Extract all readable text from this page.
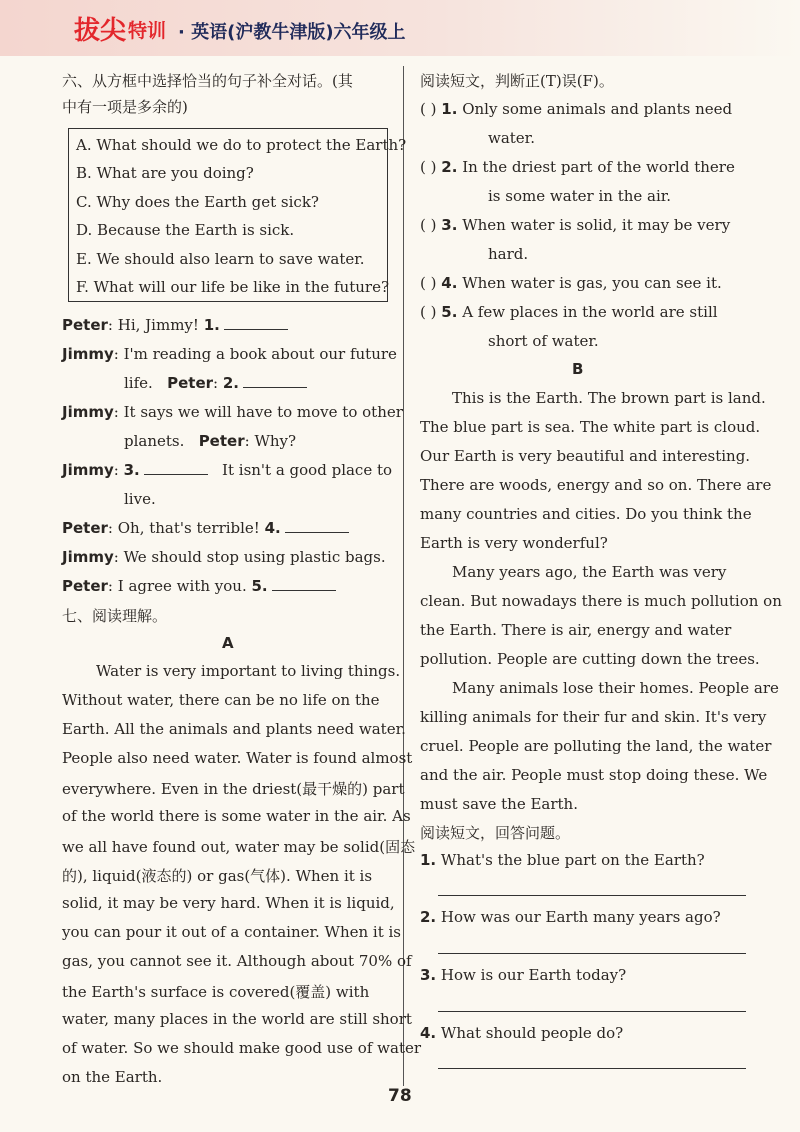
拔尖 特训 · 英语(沪教牛津版)六年级上
六、从方框中选择恰当的句子补全对话。(其
中有一项是多余的)
A. What should we do to protect the Earth?
B. What are you doing?
C. Why does the Earth get sick?
D. Because the Earth is sick.
E. We should also learn to save water.
F. What will our life be like in the future?
Peter: Hi, Jimmy! 1.
Jimmy: I'm reading a book about our future
life. Peter: 2.
Jimmy: It says we will have to move to other
planets. Peter: Why?
Jimmy: 3.	It isn't a good place to
live.
Peter: Oh, that's terrible! 4.
Jimmy: We should stop using plastic bags.
Peter: I agree with you. 5.
七、阅读理解。
A
Water is very important to living things.
Without water, there can be no life on the
Earth. All the animals and plants need water.
People also need water. Water is found almost
everywhere. Even in the driest(最干燥的) part
of the world there is some water in the air. As
we all have found out, water may be solid(固态
的), liquid(液态的) or gas(气体). When it is
solid, it may be very hard. When it is liquid,
you can pour it out of a container. When it is
gas, you cannot see it. Although about 70% of
the Earth's surface is covered(覆盖) with
water, many places in the world are still short
of water. So we should make good use of water
on the Earth.
阅读短文，判断正(T)误(F)。
( ) 1. Only some animals and plants need
water.
( ) 2. In the driest part of the world there
is some water in the air.
( ) 3. When water is solid, it may be very
hard.
( ) 4. When water is gas, you can see it.
( ) 5. A few places in the world are still
short of water.
B
This is the Earth. The brown part is land.
The blue part is sea. The white part is cloud.
Our Earth is very beautiful and interesting.
There are woods, energy and so on. There are
many countries and cities. Do you think the
Earth is very wonderful?
Many years ago, the Earth was very
clean. But nowadays there is much pollution on
the Earth. There is air, energy and water
pollution. People are cutting down the trees.
Many animals lose their homes. People are
killing animals for their fur and skin. It's very
cruel. People are polluting the land, the water
and the air. People must stop doing these. We
must save the Earth.
阅读短文，回答问题。
1. What's the blue part on the Earth?
2. How was our Earth many years ago?
3. How is our Earth today?
4. What should people do?
78
